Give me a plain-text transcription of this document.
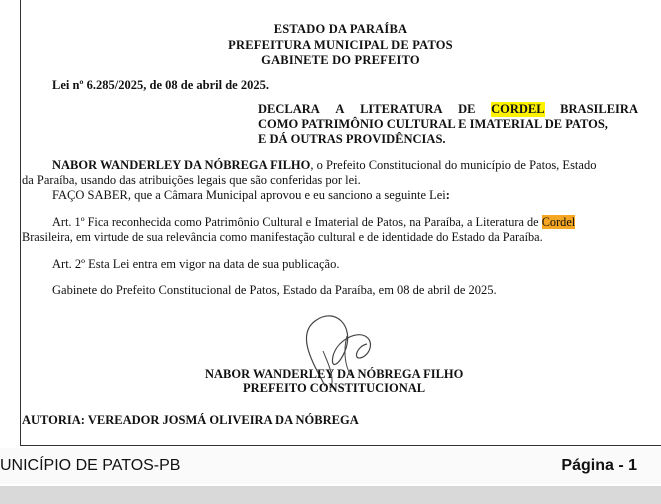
ESTADO DA PARAÍBA
PREFEITURA MUNICIPAL DE PATOS
GABINETE DO PREFEITO
Lei nº 6.285/2025, de 08 de abril de 2025.
DECLARA A LITERATURA DE CORDEL BRASILEIRA
COMO PATRIMÔNIO CULTURAL E IMATERIAL DE PATOS,
E DÁ OUTRAS PROVIDÊNCIAS.
NABOR WANDERLEY DA NÓBREGA FILHO, o Prefeito Constitucional do município de Patos, Estado
da Paraíba, usando das atribuições legais que são conferidas por lei.
FAÇO SABER, que a Câmara Municipal aprovou e eu sanciono a seguinte Lei:
Art. 1º Fica reconhecida como Patrimônio Cultural e Imaterial de Patos, na Paraíba, a Literatura de Cordel
Brasileira, em virtude de sua relevância como manifestação cultural e de identidade do Estado da Paraíba.
Art. 2º Esta Lei entra em vigor na data de sua publicação.
Gabinete do Prefeito Constitucional de Patos, Estado da Paraíba, em 08 de abril de 2025.
NABOR WANDERLEY DA NÓBREGA FILHO
PREFEITO CONSTITUCIONAL
AUTORIA: VEREADOR JOSMÁ OLIVEIRA DA NÓBREGA
UNICÍPIO DE PATOS-PB	Página - 1
